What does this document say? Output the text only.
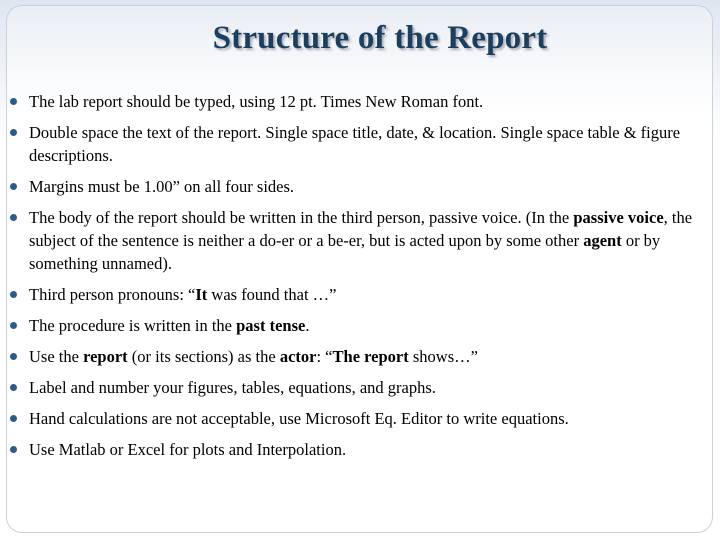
Structure of the Report
The lab report should be typed, using 12 pt. Times New Roman font.
Double space the text of the report. Single space title, date, & location. Single space table & figure descriptions.
Margins must be 1.00” on all four sides.
The body of the report should be written in the third person, passive voice. (In the passive voice, the subject of the sentence is neither a do-er or a be-er, but is acted upon by some other agent or by something unnamed).
Third person pronouns: “It was found that …”
The procedure is written in the past tense.
Use the report (or its sections) as the actor: “The report shows…”
Label and number your figures, tables, equations, and graphs.
Hand calculations are not acceptable, use Microsoft Eq. Editor to write equations.
Use Matlab or Excel for plots and Interpolation.
